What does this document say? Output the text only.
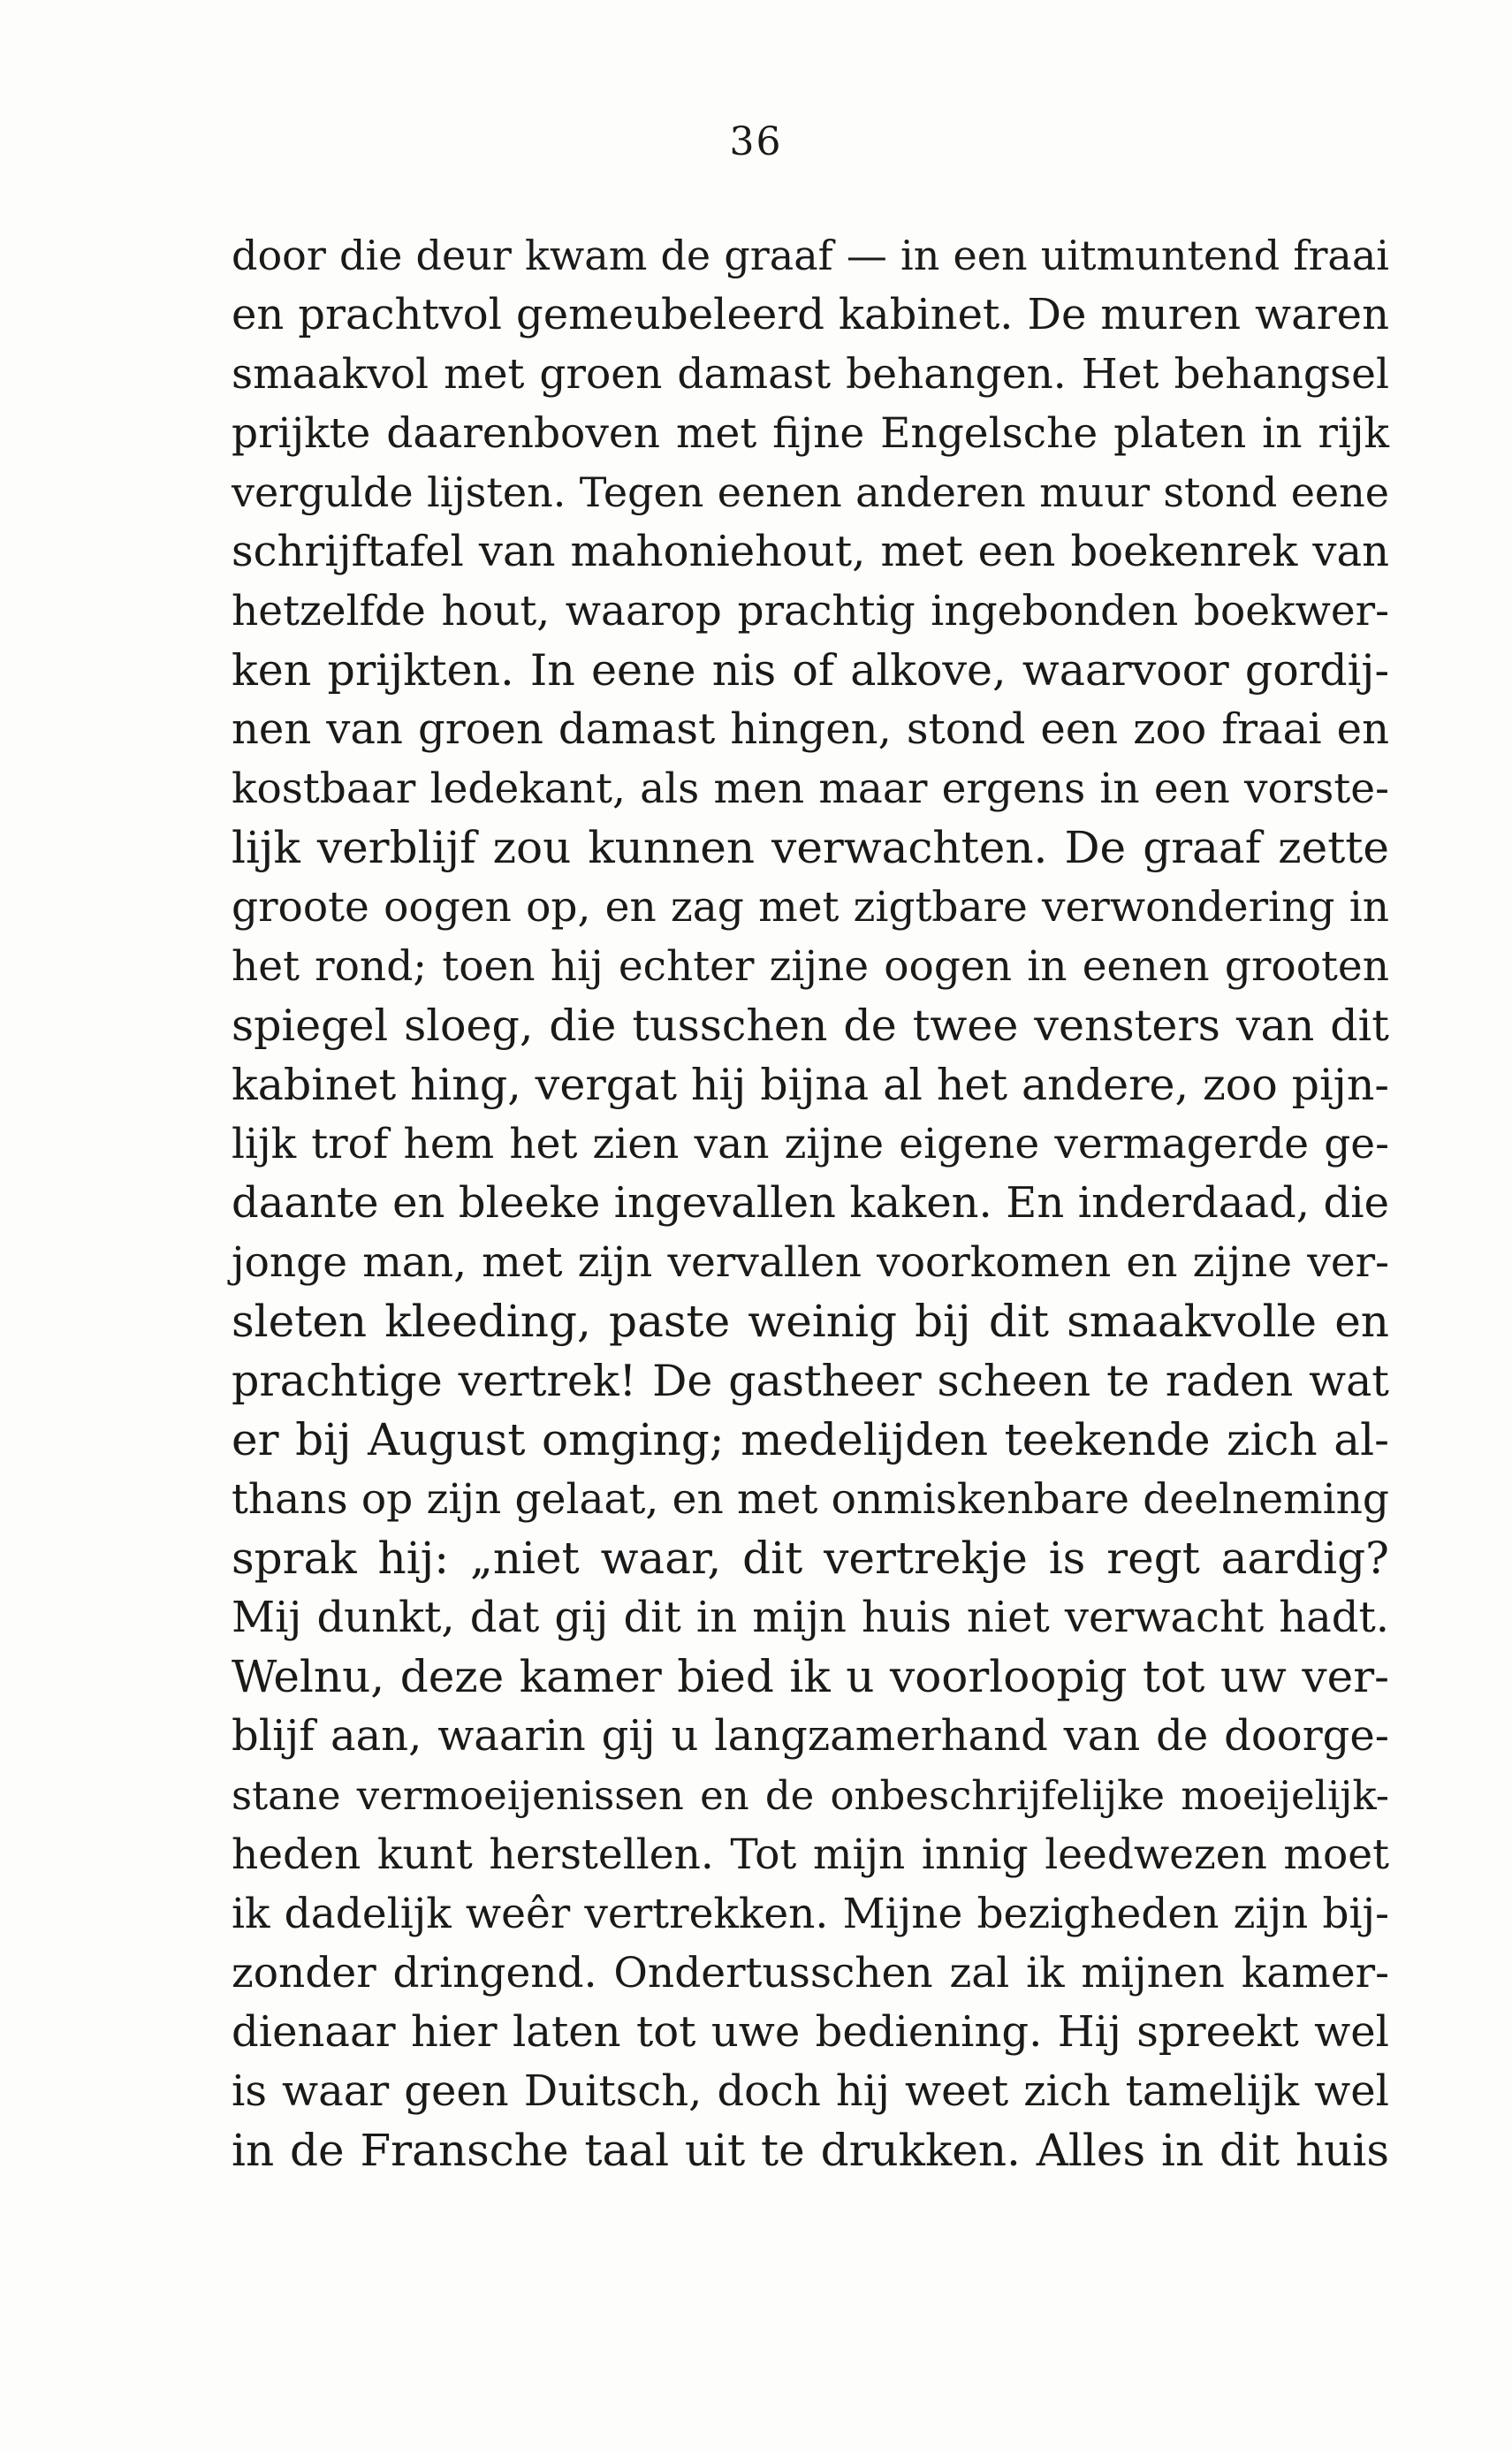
36
door die deur kwam de graaf — in een uitmuntend fraai
en prachtvol gemeubeleerd kabinet. De muren waren
smaakvol met groen damast behangen. Het behangsel
prijkte daarenboven met fijne Engelsche platen in rijk
vergulde lijsten. Tegen eenen anderen muur stond eene
schrijftafel van mahoniehout, met een boekenrek van
hetzelfde hout, waarop prachtig ingebonden boekwer-
ken prijkten. In eene nis of alkove, waarvoor gordij-
nen van groen damast hingen, stond een zoo fraai en
kostbaar ledekant, als men maar ergens in een vorste-
lijk verblijf zou kunnen verwachten. De graaf zette
groote oogen op, en zag met zigtbare verwondering in
het rond; toen hij echter zijne oogen in eenen grooten
spiegel sloeg, die tusschen de twee vensters van dit
kabinet hing, vergat hij bijna al het andere, zoo pijn-
lijk trof hem het zien van zijne eigene vermagerde ge-
daante en bleeke ingevallen kaken. En inderdaad, die
jonge man, met zijn vervallen voorkomen en zijne ver-
sleten kleeding, paste weinig bij dit smaakvolle en
prachtige vertrek! De gastheer scheen te raden wat
er bij August omging; medelijden teekende zich al-
thans op zijn gelaat, en met onmiskenbare deelneming
sprak hij: „niet waar, dit vertrekje is regt aardig?
Mij dunkt, dat gij dit in mijn huis niet verwacht hadt.
Welnu, deze kamer bied ik u voorloopig tot uw ver-
blijf aan, waarin gij u langzamerhand van de doorge-
stane vermoeijenissen en de onbeschrijfelijke moeijelijk-
heden kunt herstellen. Tot mijn innig leedwezen moet
ik dadelijk weêr vertrekken. Mijne bezigheden zijn bij-
zonder dringend. Ondertusschen zal ik mijnen kamer-
dienaar hier laten tot uwe bediening. Hij spreekt wel
is waar geen Duitsch, doch hij weet zich tamelijk wel
in de Fransche taal uit te drukken. Alles in dit huis
